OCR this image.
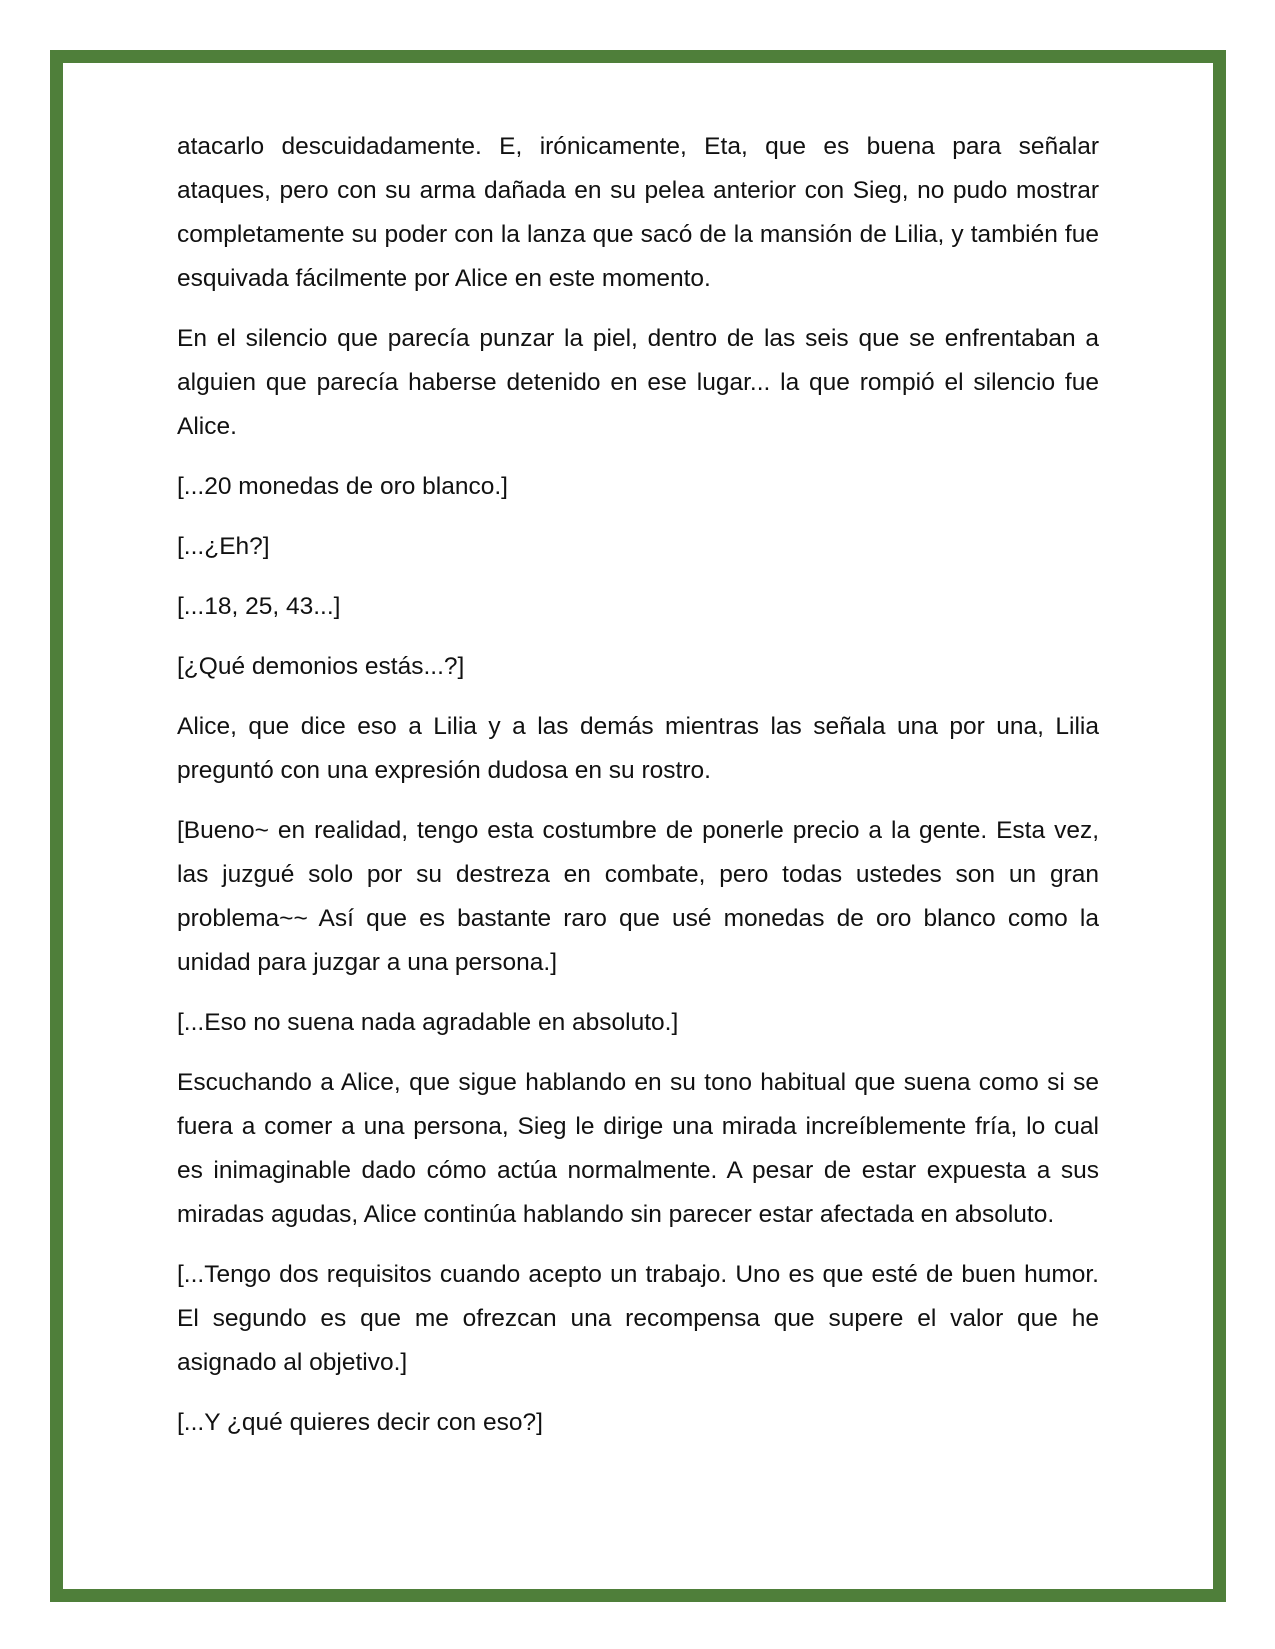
atacarlo descuidadamente. E, irónicamente, Eta, que es buena para señalar ataques, pero con su arma dañada en su pelea anterior con Sieg, no pudo mostrar completamente su poder con la lanza que sacó de la mansión de Lilia, y también fue esquivada fácilmente por Alice en este momento.

En el silencio que parecía punzar la piel, dentro de las seis que se enfrentaban a alguien que parecía haberse detenido en ese lugar... la que rompió el silencio fue Alice.

[...20 monedas de oro blanco.]

[...¿Eh?]

[...18, 25, 43...]

[¿Qué demonios estás...?]

Alice, que dice eso a Lilia y a las demás mientras las señala una por una, Lilia preguntó con una expresión dudosa en su rostro.

[Bueno~ en realidad, tengo esta costumbre de ponerle precio a la gente. Esta vez, las juzgué solo por su destreza en combate, pero todas ustedes son un gran problema~~ Así que es bastante raro que usé monedas de oro blanco como la unidad para juzgar a una persona.]

[...Eso no suena nada agradable en absoluto.]

Escuchando a Alice, que sigue hablando en su tono habitual que suena como si se fuera a comer a una persona, Sieg le dirige una mirada increíblemente fría, lo cual es inimaginable dado cómo actúa normalmente. A pesar de estar expuesta a sus miradas agudas, Alice continúa hablando sin parecer estar afectada en absoluto.

[...Tengo dos requisitos cuando acepto un trabajo. Uno es que esté de buen humor. El segundo es que me ofrezcan una recompensa que supere el valor que he asignado al objetivo.]

[...Y ¿qué quieres decir con eso?]
